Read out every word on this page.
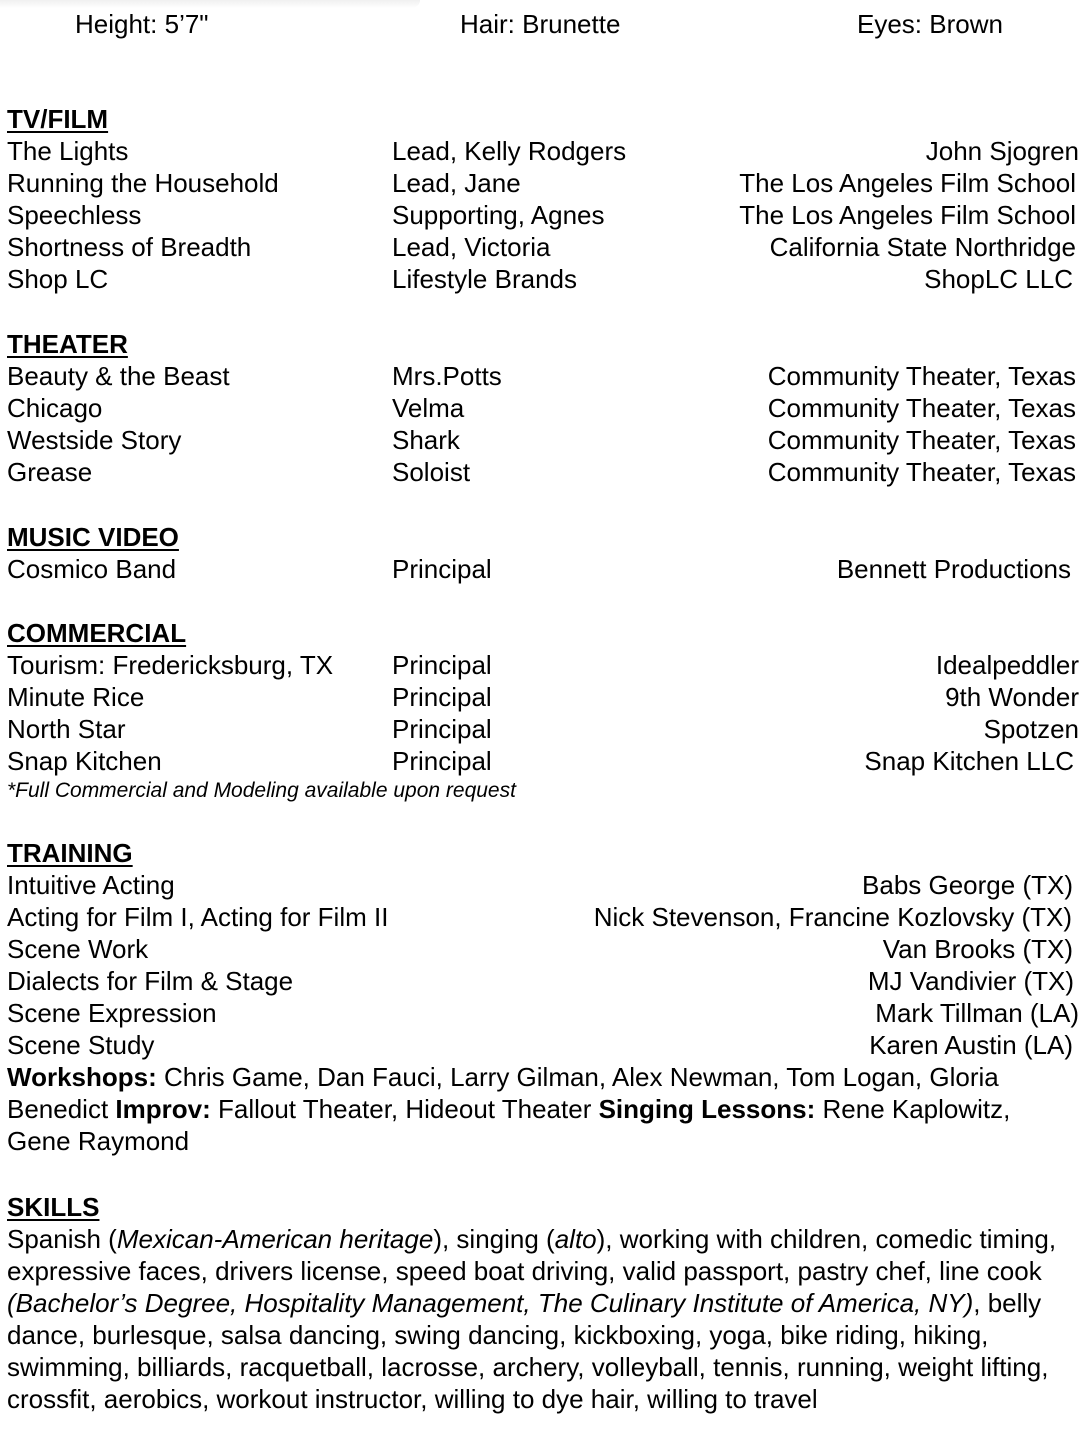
Height: 5’7"	Hair: Brunette	Eyes: Brown
TV/FILM
The Lights	Lead, Kelly Rodgers	John Sjogren
Running the Household	Lead, Jane	The Los Angeles Film School
Speechless	Supporting, Agnes	The Los Angeles Film School
Shortness of Breadth	Lead, Victoria	California State Northridge
Shop LC	Lifestyle Brands	ShopLC LLC
THEATER
Beauty & the Beast	Mrs.Potts	Community Theater, Texas
Chicago	Velma	Community Theater, Texas
Westside Story	Shark	Community Theater, Texas
Grease	Soloist	Community Theater, Texas
MUSIC VIDEO
Cosmico Band	Principal	Bennett Productions
COMMERCIAL
Tourism: Fredericksburg, TX Principal	Idealpeddler
Minute Rice	Principal	9th Wonder
North Star	Principal	Spotzen
Snap Kitchen	Principal	Snap Kitchen LLC
*Full Commercial and Modeling available upon request
TRAINING
Intuitive Acting	Babs George (TX)
Acting for Film I, Acting for Film II	Nick Stevenson, Francine Kozlovsky (TX)
Scene Work	Van Brooks (TX)
Dialects for Film & Stage	MJ Vandivier (TX)
Scene Expression	Mark Tillman (LA)
Scene Study	Karen Austin (LA)
Workshops: Chris Game, Dan Fauci, Larry Gilman, Alex Newman, Tom Logan, Gloria Benedict Improv: Fallout Theater, Hideout Theater Singing Lessons: Rene Kaplowitz, Gene Raymond
SKILLS
Spanish (Mexican-American heritage), singing (alto), working with children, comedic timing, expressive faces, drivers license, speed boat driving, valid passport, pastry chef, line cook (Bachelor’s Degree, Hospitality Management, The Culinary Institute of America, NY), belly dance, burlesque, salsa dancing, swing dancing, kickboxing, yoga, bike riding, hiking, swimming, billiards, racquetball, lacrosse, archery, volleyball, tennis, running, weight lifting, crossfit, aerobics, workout instructor, willing to dye hair, willing to travel
